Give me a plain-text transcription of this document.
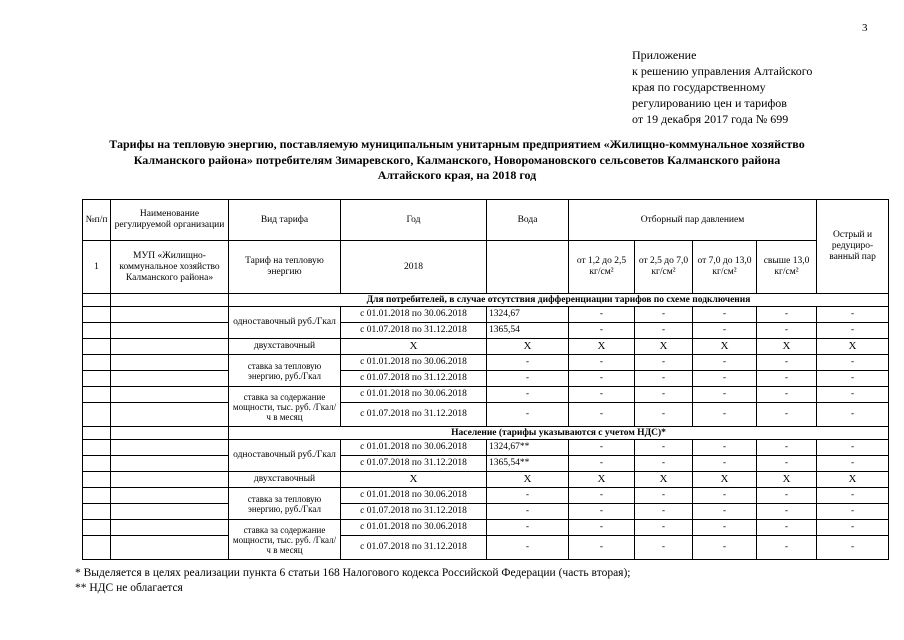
3
Приложение
к решению управления Алтайского
края по государственному
регулированию цен и тарифов
от 19 декабря 2017 года № 699
Тарифы на тепловую энергию, поставляемую муниципальным унитарным предприятием «Жилищно-коммунальное хозяйство
Калманского района» потребителям Зимаревского, Калманского, Новоромановского сельсоветов Калманского района
Алтайского края, на 2018 год
№п/п	Наименование регулируемой организации	Вид тарифа	Год	Вода	Отборный пар давлением				Острый и редуциро-ванный пар
1	МУП «Жилищно-коммунальное хозяйство Калманского района»	Тариф на тепловую энергию	2018		от 1,2 до 2,5 кг/см²	от 2,5 до 7,0 кг/см²	от 7,0 до 13,0 кг/см²	свыше 13,0 кг/см²	
		Для потребителей, в случае отсутствия дифференциации тарифов по схеме подключения							
		одноставочный руб./Гкал	с 01.01.2018 по 30.06.2018	1324,67	-	-	-	-	-
			с 01.07.2018 по 31.12.2018	1365,54	-	-	-	-	-
		двухставочный	X	X	X	X	X	X	X
		ставка за тепловую энергию, руб./Гкал	с 01.01.2018 по 30.06.2018	-	-	-	-	-	-
			с 01.07.2018 по 31.12.2018	-	-	-	-	-	-
		ставка за содержание мощности, тыс. руб. /Гкал/ч в месяц	с 01.01.2018 по 30.06.2018	-	-	-	-	-	-
			с 01.07.2018 по 31.12.2018	-	-	-	-	-	-
		Население (тарифы указываются с учетом НДС)*							
		одноставочный руб./Гкал	с 01.01.2018 по 30.06.2018	1324,67**	-	-	-	-	-
			с 01.07.2018 по 31.12.2018	1365,54**	-	-	-	-	-
		двухставочный	X	X	X	X	X	X	X
		ставка за тепловую энергию, руб./Гкал	с 01.01.2018 по 30.06.2018	-	-	-	-	-	-
			с 01.07.2018 по 31.12.2018	-	-	-	-	-	-
		ставка за содержание мощности, тыс. руб. /Гкал/ч в месяц	с 01.01.2018 по 30.06.2018	-	-	-	-	-	-
			с 01.07.2018 по 31.12.2018	-	-	-	-	-	-
* Выделяется в целях реализации пункта 6 статьи 168 Налогового кодекса Российской Федерации (часть вторая);
** НДС не облагается
